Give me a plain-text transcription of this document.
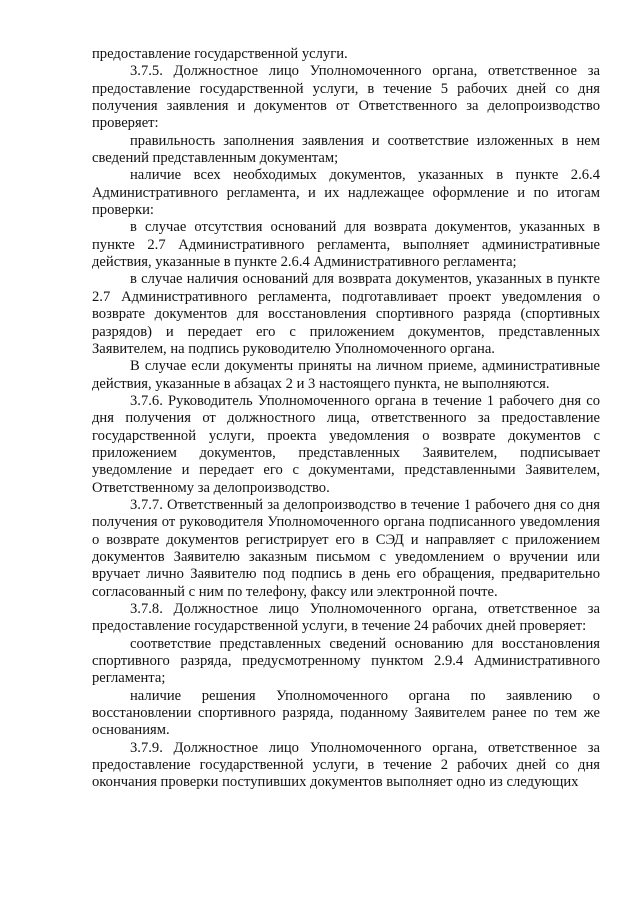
предоставление государственной услуги.

3.7.5. Должностное лицо Уполномоченного органа, ответственное за предоставление государственной услуги, в течение 5 рабочих дней со дня получения заявления и документов от Ответственного за делопроизводство проверяет:

правильность заполнения заявления и соответствие изложенных в нем сведений представленным документам;

наличие всех необходимых документов, указанных в пункте 2.6.4 Административного регламента, и их надлежащее оформление и по итогам проверки:

в случае отсутствия оснований для возврата документов, указанных в пункте 2.7 Административного регламента, выполняет административные действия, указанные в пункте 2.6.4 Административного регламента;

в случае наличия оснований для возврата документов, указанных в пункте 2.7 Административного регламента, подготавливает проект уведомления о возврате документов для восстановления спортивного разряда (спортивных разрядов) и передает его с приложением документов, представленных Заявителем, на подпись руководителю Уполномоченного органа.

В случае если документы приняты на личном приеме, административные действия, указанные в абзацах 2 и 3 настоящего пункта, не выполняются.

3.7.6. Руководитель Уполномоченного органа в течение 1 рабочего дня со дня получения от должностного лица, ответственного за предоставление государственной услуги, проекта уведомления о возврате документов с приложением документов, представленных Заявителем, подписывает уведомление и передает его с документами, представленными Заявителем, Ответственному за делопроизводство.

3.7.7. Ответственный за делопроизводство в течение 1 рабочего дня со дня получения от руководителя Уполномоченного органа подписанного уведомления о возврате документов регистрирует его в СЭД и направляет с приложением документов Заявителю заказным письмом с уведомлением о вручении или вручает лично Заявителю под подпись в день его обращения, предварительно согласованный с ним по телефону, факсу или электронной почте.

3.7.8. Должностное лицо Уполномоченного органа, ответственное за предоставление государственной услуги, в течение 24 рабочих дней проверяет:

соответствие представленных сведений основанию для восстановления спортивного разряда, предусмотренному пунктом 2.9.4 Административного регламента;

наличие решения Уполномоченного органа по заявлению о восстановлении спортивного разряда, поданному Заявителем ранее по тем же основаниям.

3.7.9. Должностное лицо Уполномоченного органа, ответственное за предоставление государственной услуги, в течение 2 рабочих дней со дня окончания проверки поступивших документов выполняет одно из следующих
